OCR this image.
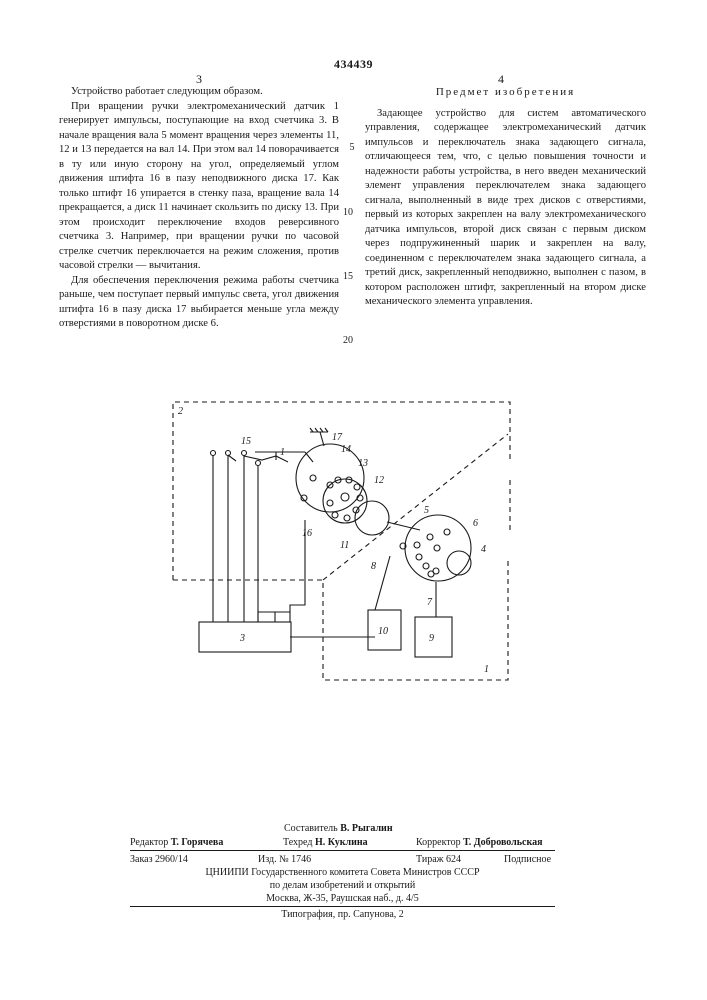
434439
3	4

Устройство работает следующим образом.

При вращении ручки электромеханический датчик 1 генерирует импульсы, поступающие на вход счетчика 3. В начале вращения вала 5 момент вращения через элементы 11, 12 и 13 передается на вал 14. При этом вал 14 поворачивается в ту или иную сторону на угол, определяемый углом движения штифта 16 в пазу неподвижного диска 17. Как только штифт 16 упирается в стенку паза, вращение вала 14 прекращается, а диск 11 начинает скользить по диску 13. При этом происходит переключение входов реверсивного счетчика 3. Например, при вращении ручки по часовой стрелке счетчик переключается на режим сложения, против часовой стрелки — вычитания.

Для обеспечения переключения режима работы счетчика раньше, чем поступает первый импульс света, угол движения штифта 16 в пазу диска 17 выбирается меньше угла между отверстиями в поворотном диске 6.

Предмет изобретения

Задающее устройство для систем автоматического управления, содержащее электромеханический датчик импульсов и переключатель знака задающего сигнала, отличающееся тем, что, с целью повышения точности и надежности работы устройства, в него введен механический элемент управления переключателем знака задающего сигнала, выполненный в виде трех дисков с отверстиями, первый из которых закреплен на валу электромеханического датчика импульсов, второй диск связан с первым диском через подпружиненный шарик и закреплен на валу, соединенном с переключателем знака задающего сигнала, а третий диск, закрепленный неподвижно, выполнен с пазом, в котором расположен штифт, закрепленный на втором диске механического элемента управления.

5
10
15
20
2
15
1
17
14
13
12
16
11
5
6
4
8
7
3
10
9
1
Составитель В. Рыгалин
Редактор Т. Горячева	Техред Н. Куклина	Корректор Т. Добровольская
Заказ 2960/14	Изд. № 1746	Тираж 624	Подписное
ЦНИИПИ Государственного комитета Совета Министров СССР
по делам изобретений и открытий
Москва, Ж-35, Раушская наб., д. 4/5
Типография, пр. Сапунова, 2
